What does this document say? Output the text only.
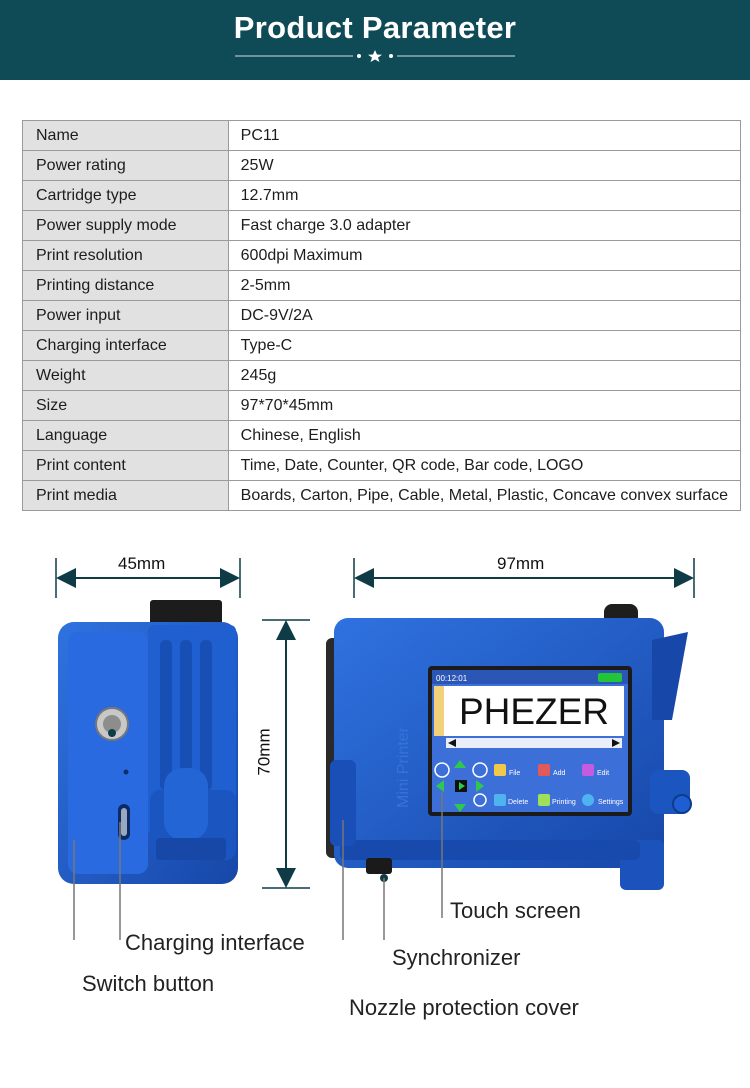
Product Parameter
Name	PC11
Power rating	25W
Cartridge type	12.7mm
Power supply mode	Fast charge 3.0 adapter
Print resolution	600dpi Maximum
Printing distance	2-5mm
Power input	DC-9V/2A
Charging interface	Type-C
Weight	245g
Size	97*70*45mm
Language	Chinese, English
Print content	Time, Date, Counter, QR code, Bar code, LOGO
Print media	Boards, Carton, Pipe, Cable, Metal, Plastic, Concave convex surface
Mini Printer
00:12:01
PHEZER
File	Add	Edit
Delete	Printing	Settings
45mm	97mm
70mm
Touch screen
Charging interface
Synchronizer
Switch button
Nozzle protection cover
